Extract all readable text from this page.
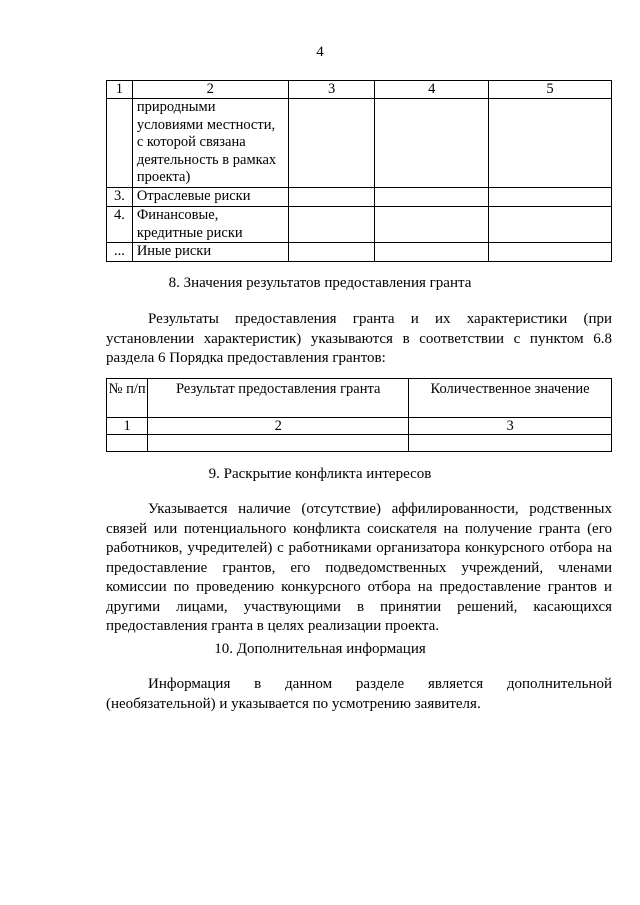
4
1	2	3	4	5
	природными условиями местности, с которой связана деятельность в рамках проекта)			
3.	Отраслевые риски			
4.	Финансовые, кредитные риски			
...	Иные риски			
8. Значения результатов предоставления гранта
Результаты предоставления гранта и их характеристики (при установлении характеристик) указываются в соответствии с пунктом 6.8 раздела 6 Порядка предоставления грантов:
№ п/п	Результат предоставления гранта	Количественное значение
1	2	3

9. Раскрытие конфликта интересов
Указывается наличие (отсутствие) аффилированности, родственных связей или потенциального конфликта соискателя на получение гранта (его работников, учредителей) с работниками организатора конкурсного отбора на предоставление грантов, его подведомственных учреждений, членами комиссии по проведению конкурсного отбора на предоставление грантов и другими лицами, участвующими в принятии решений, касающихся предоставления гранта в целях реализации проекта.
10. Дополнительная информация
Информация в данном разделе является дополнительной (необязательной) и указывается по усмотрению заявителя.
